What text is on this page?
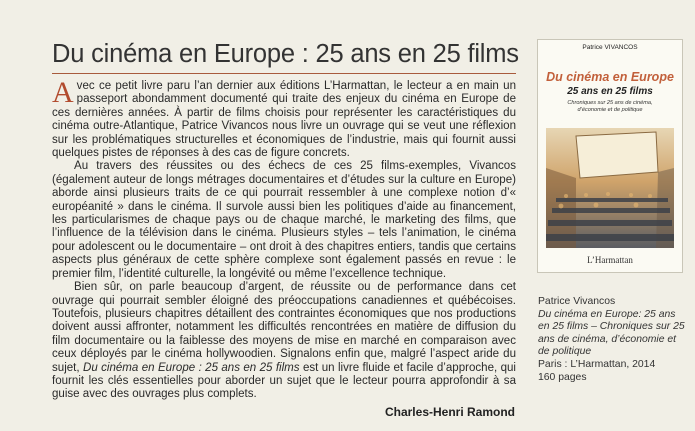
Du cinéma en Europe : 25 ans en 25 films

Avec ce petit livre paru l’an dernier aux éditions L’Harmattan, le lecteur a en main un passeport abondamment documenté qui traite des enjeux du cinéma en Europe de ces dernières années. À partir de films choisis pour représenter les caractéristiques du cinéma outre-Atlantique, Patrice Vivancos nous livre un ouvrage qui se veut une réflexion sur les problématiques structurelles et économiques de l’industrie, mais qui fournit aussi quelques pistes de réponses à des cas de figure concrets.

Au travers des réussites ou des échecs de ces 25 films-exemples, Vivancos (également auteur de longs métrages documentaires et d’études sur la culture en Europe) aborde ainsi plusieurs traits de ce qui pourrait ressembler à une complexe notion d’« européanité » dans le cinéma. Il survole aussi bien les politiques d’aide au financement, les particularismes de chaque pays ou de chaque marché, le marketing des films, que l’influence de la télévision dans le cinéma. Plusieurs styles – tels l’animation, le cinéma pour adolescent ou le documentaire – ont droit à des chapitres entiers, tandis que certains aspects plus généraux de cette sphère complexe sont également passés en revue : le premier film, l’identité culturelle, la longévité ou même l’excellence technique.

Bien sûr, on parle beaucoup d’argent, de réussite ou de performance dans cet ouvrage qui pourrait sembler éloigné des préoccupations canadiennes et québécoises. Toutefois, plusieurs chapitres détaillent des contraintes économiques que nos productions doivent aussi affronter, notamment les difficultés rencontrées en matière de diffusion du film documentaire ou la faiblesse des moyens de mise en marché en comparaison avec ceux déployés par le cinéma hollywoodien. Signalons enfin que, malgré l’aspect aride du sujet, Du cinéma en Europe : 25 ans en 25 films est un livre fluide et facile d’approche, qui fournit les clés essentielles pour aborder un sujet que le lecteur pourra approfondir à sa guise avec des ouvrages plus complets.

Charles-Henri Ramond
Patrice VIVANCOS
Du cinéma en Europe
25 ans en 25 films
Chroniques sur 25 ans de cinéma, d’économie et de politique
L’Harmattan
Patrice Vivancos
Du cinéma en Europe: 25 ans en 25 films – Chroniques sur 25 ans de cinéma, d’économie et de politique
Paris : L’Harmattan, 2014
160 pages
